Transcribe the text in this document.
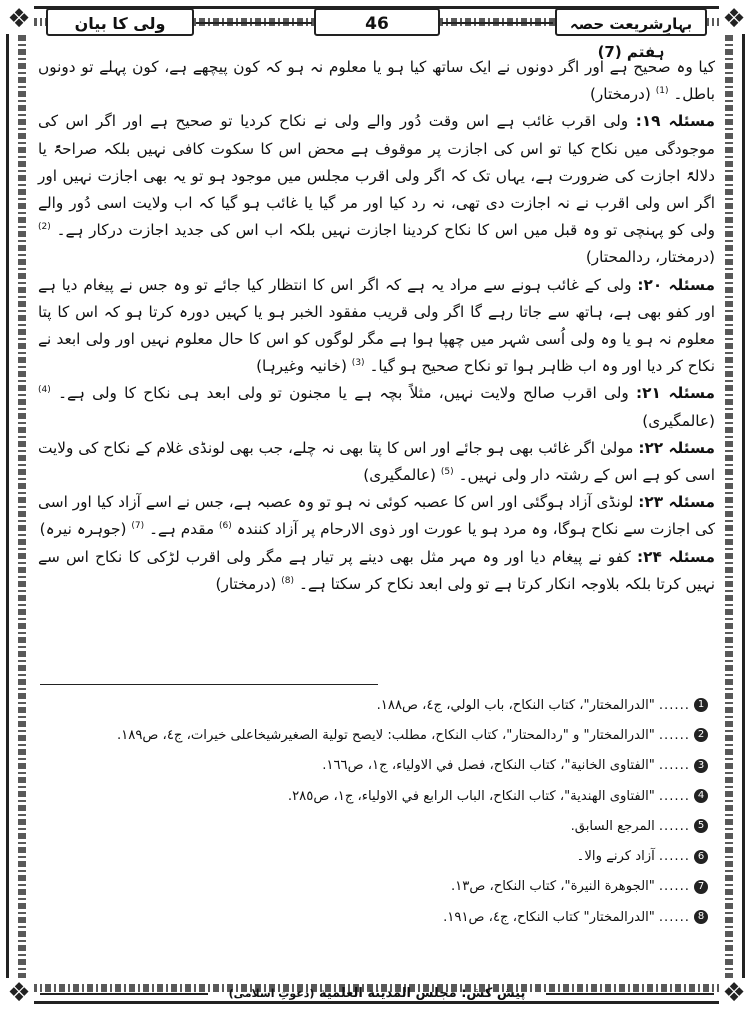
❖	❖
❖	❖
ولی کا بیان	46	بہارِشریعت حصہ ہفتم (7)

کیا وہ صحیح ہے اور اگر دونوں نے ایک ساتھ کیا ہو یا معلوم نہ ہو کہ کون پیچھے ہے، کون پہلے تو دونوں باطل۔ $^{(1)}$ (درمختار)

مسئلہ ۱۹: ولی اقرب غائب ہے اس وقت دُور والے ولی نے نکاح کردیا تو صحیح ہے اور اگر اس کی موجودگی میں نکاح کیا تو اس کی اجازت پر موقوف ہے محض اس کا سکوت کافی نہیں بلکہ صراحۃً یا دلالۃً اجازت کی ضرورت ہے، یہاں تک کہ اگر ولی اقرب مجلس میں موجود ہو تو یہ بھی اجازت نہیں اور اگر اس ولی اقرب نے نہ اجازت دی تھی، نہ رد کیا اور مر گیا یا غائب ہو گیا کہ اب ولایت اسی دُور والے ولی کو پہنچی تو وہ قبل میں اس کا نکاح کردینا اجازت نہیں بلکہ اب اس کی جدید اجازت درکار ہے۔ $^{(2)}$ (درمختار، ردالمحتار)

مسئلہ ۲۰: ولی کے غائب ہونے سے مراد یہ ہے کہ اگر اس کا انتظار کیا جائے تو وہ جس نے پیغام دیا ہے اور کفو بھی ہے، ہاتھ سے جاتا رہے گا اگر ولی قریب مفقود الخبر ہو یا کہیں دورہ کرتا ہو کہ اس کا پتا معلوم نہ ہو یا وہ ولی اُسی شہر میں چھپا ہوا ہے مگر لوگوں کو اس کا حال معلوم نہیں اور ولی ابعد نے نکاح کر دیا اور وہ اب ظاہر ہوا تو نکاح صحیح ہو گیا۔ $^{(3)}$ (خانیہ وغیرہا)

مسئلہ ۲۱: ولی اقرب صالح ولایت نہیں، مثلاً بچہ ہے یا مجنون تو ولی ابعد ہی نکاح کا ولی ہے۔ $^{(4)}$ (عالمگیری)

مسئلہ ۲۲: مولیٰ اگر غائب بھی ہو جائے اور اس کا پتا بھی نہ چلے، جب بھی لونڈی غلام کے نکاح کی ولایت اسی کو ہے اس کے رشتہ دار ولی نہیں۔ $^{(5)}$ (عالمگیری)

مسئلہ ۲۳: لونڈی آزاد ہوگئی اور اس کا عصبہ کوئی نہ ہو تو وہ عصبہ ہے، جس نے اسے آزاد کیا اور اسی کی اجازت سے نکاح ہوگا، وہ مرد ہو یا عورت اور ذوی الارحام پر آزاد کنندہ $^{(6)}$ مقدم ہے۔ $^{(7)}$ (جوہرہ نیرہ)

مسئلہ ۲۴: کفو نے پیغام دیا اور وہ مہر مثل بھی دینے پر تیار ہے مگر ولی اقرب لڑکی کا نکاح اس سے نہیں کرتا بلکہ بلاوجہ انکار کرتا ہے تو ولی ابعد نکاح کر سکتا ہے۔ $^{(8)}$ (درمختار)

1
......
"الدرالمختار"، كتاب النكاح، باب الولي، ج٤، ص١٨٨.
2
......
"الدرالمختار" و "ردالمحتار"، كتاب النكاح، مطلب: لايصح تولية الصغيرشيخاعلى خيرات، ج٤، ص١٨٩.
3
......
"الفتاوى الخانية"، كتاب النكاح، فصل في الاولياء، ج١، ص١٦٦.
4
......
"الفتاوى الهندية"، كتاب النكاح، الباب الرابع في الاولياء، ج١، ص٢٨٥.
5
......
المرجع السابق.
6
......
آزاد کرنے والا۔
7
......
"الجوهرة النيرة"، كتاب النكاح، ص١٣.
8
......
"الدرالمختار" كتاب النكاح، ج٤، ص١٩١.
پیش کش: مجلس المدينة العلمية (دعوتِ اسلامی)
